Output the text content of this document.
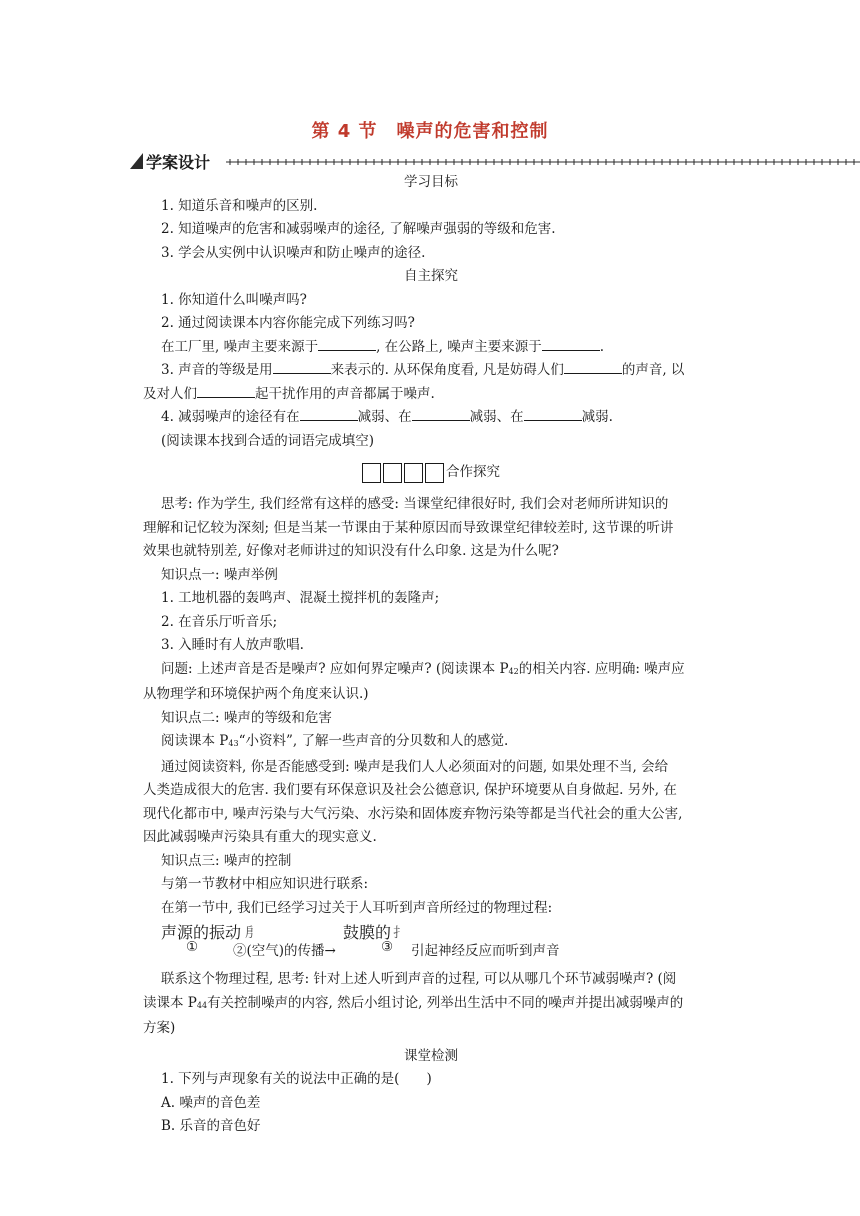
第 4 节　噪声的危害和控制
学案设计
学习目标
1. 知道乐音和噪声的区别.
2. 知道噪声的危害和减弱噪声的途径, 了解噪声强弱的等级和危害.
3. 学会从实例中认识噪声和防止噪声的途径.
自主探究
1. 你知道什么叫噪声吗?
2. 通过阅读课本内容你能完成下列练习吗?
在工厂里, 噪声主要来源于	, 在公路上, 噪声主要来源于	.
3. 声音的等级是用	来表示的. 从环保角度看, 凡是妨碍人们	的声音, 以
及对人们	起干扰作用的声音都属于噪声.
4. 减弱噪声的途径有在	减弱、在	减弱、在	减弱.
(阅读课本找到合适的词语完成填空)
合作探究
思考: 作为学生, 我们经常有这样的感受: 当课堂纪律很好时, 我们会对老师所讲知识的
理解和记忆较为深刻; 但是当某一节课由于某种原因而导致课堂纪律较差时, 这节课的听讲
效果也就特别差, 好像对老师讲过的知识没有什么印象. 这是为什么呢?
知识点一: 噪声举例
1. 工地机器的轰鸣声、混凝土搅拌机的轰隆声;
2. 在音乐厅听音乐;
3. 入睡时有人放声歌唱.
问题: 上述声音是否是噪声? 应如何界定噪声? (阅读课本 P42的相关内容. 应明确: 噪声应
从物理学和环境保护两个角度来认识.)
知识点二: 噪声的等级和危害
阅读课本 P43“小资料”, 了解一些声音的分贝数和人的感觉.
通过阅读资料, 你是否能感受到: 噪声是我们人人必须面对的问题, 如果处理不当, 会给
人类造成很大的危害. 我们要有环保意识及社会公德意识, 保护环境要从自身做起. 另外, 在
现代化都市中, 噪声污染与大气污染、水污染和固体废弃物污染等都是当代社会的重大公害,
因此减弱噪声污染具有重大的现实意义.
知识点三: 噪声的控制
与第一节教材中相应知识进行联系:
在第一节中, 我们已经学习过关于人耳听到声音所经过的物理过程:
声源的振动 㐆	鼓膜的 扌
①	②(空气)的传播→	③ 引起神经反应而听到声音
联系这个物理过程, 思考: 针对上述人听到声音的过程, 可以从哪几个环节减弱噪声? (阅
读课本 P44有关控制噪声的内容, 然后小组讨论, 列举出生活中不同的噪声并提出减弱噪声的
方案)
课堂检测
1. 下列与声现象有关的说法中正确的是(　　)
A. 噪声的音色差
B. 乐音的音色好
